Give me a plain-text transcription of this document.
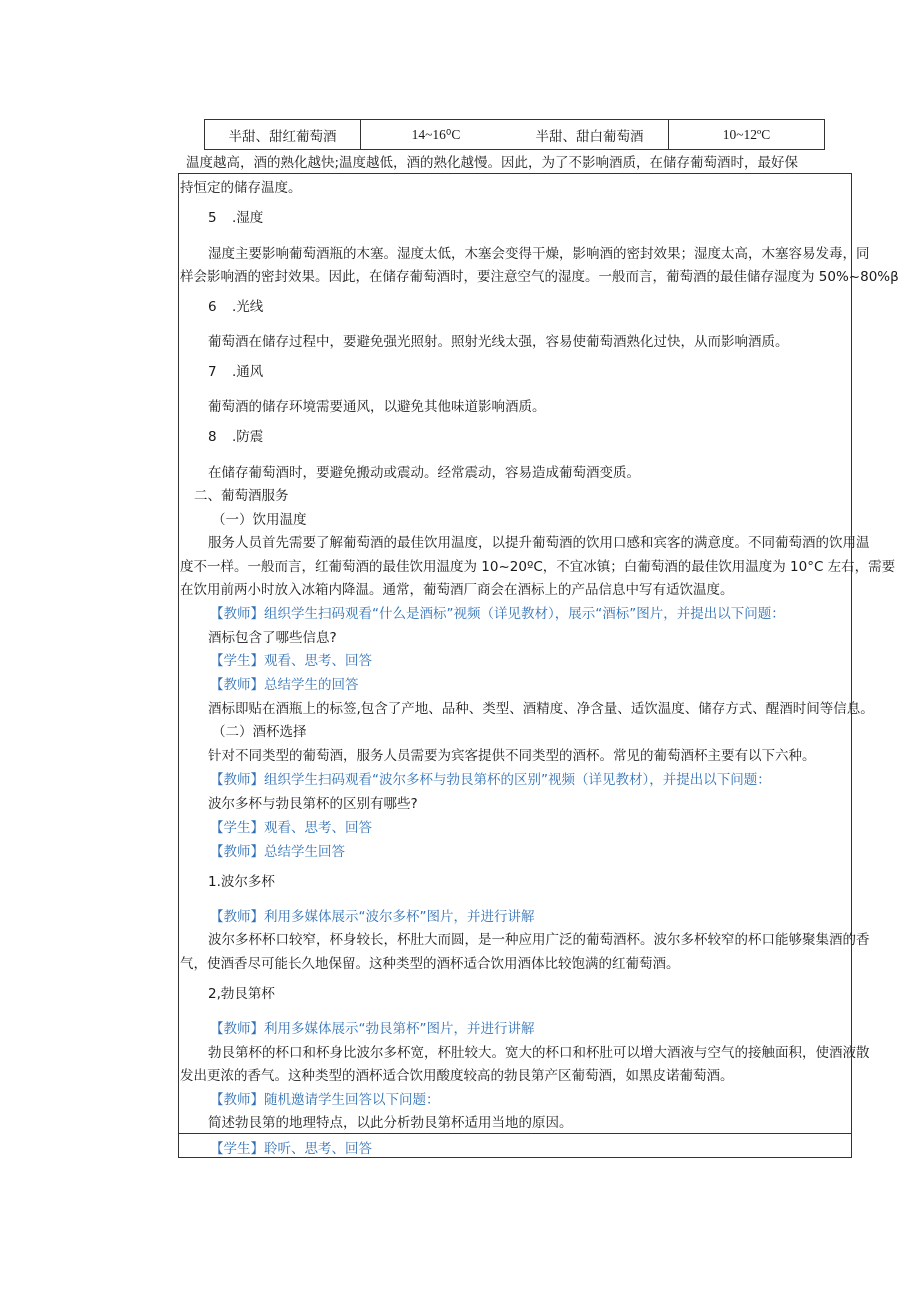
半甜、甜红葡萄酒	14~16⁰C	半甜、甜白葡萄酒	10~12ºC
温度越高，酒的熟化越快;温度越低，酒的熟化越慢。因此，为了不影响酒质，在储存葡萄酒时，最好保
持恒定的储存温度。
5 .湿度
湿度主要影响葡萄酒瓶的木塞。湿度太低，木塞会变得干燥，影响酒的密封效果；湿度太高，木塞容易发毒，同
样会影响酒的密封效果。因此，在储存葡萄酒时，要注意空气的湿度。一般而言，葡萄酒的最佳储存湿度为 50%~80%β
6 .光线
葡萄酒在储存过程中，要避免强光照射。照射光线太强，容易使葡萄酒熟化过快，从而影响酒质。
7 .通风
葡萄酒的储存环境需要通风，以避免其他味道影响酒质。
8 .防震
在储存葡萄酒时，要避免搬动或震动。经常震动，容易造成葡萄酒变质。
二、葡萄酒服务
（一）饮用温度
服务人员首先需要了解葡萄酒的最佳饮用温度，以提升葡萄酒的饮用口感和宾客的满意度。不同葡萄酒的饮用温
度不一样。一般而言，红葡萄酒的最佳饮用温度为 10~20ºC，不宜冰镇；白葡萄酒的最佳饮用温度为 10°C 左右，需要
在饮用前两小时放入冰箱内降温。通常，葡萄酒厂商会在酒标上的产品信息中写有适饮温度。
【教师】组织学生扫码观看“什么是酒标”视频（详见教材），展示“酒标”图片，并提出以下问题：
酒标包含了哪些信息?
【学生】观看、思考、回答
【教师】总结学生的回答
酒标即贴在酒瓶上的标签,包含了产地、品种、类型、酒精度、净含量、适饮温度、储存方式、醒酒时间等信息。
（二）酒杯选择
针对不同类型的葡萄酒，服务人员需要为宾客提供不同类型的酒杯。常见的葡萄酒杯主要有以下六种。
【教师】组织学生扫码观看“波尔多杯与勃艮第杯的区别”视频（详见教材），并提出以下问题：
波尔多杯与勃艮第杯的区别有哪些?
【学生】观看、思考、回答
【教师】总结学生回答
1.波尔多杯
【教师】利用多媒体展示“波尔多杯”图片，并进行讲解
波尔多杯杯口较窄，杯身较长，杯肚大而圆，是一种应用广泛的葡萄酒杯。波尔多杯较窄的杯口能够聚集酒的香
气，使酒香尽可能长久地保留。这种类型的酒杯适合饮用酒体比较饱满的红葡萄酒。
2,勃艮第杯
【教师】利用多媒体展示“勃艮第杯”图片，并进行讲解
勃艮第杯的杯口和杯身比波尔多杯宽，杯肚较大。宽大的杯口和杯肚可以增大酒液与空气的接触面积，使酒液散
发出更浓的香气。这种类型的酒杯适合饮用酸度较高的勃艮第产区葡萄酒，如黑皮诺葡萄酒。
【教师】随机邀请学生回答以下问题：
简述勃艮第的地理特点，以此分析勃艮第杯适用当地的原因。
【学生】聆听、思考、回答
